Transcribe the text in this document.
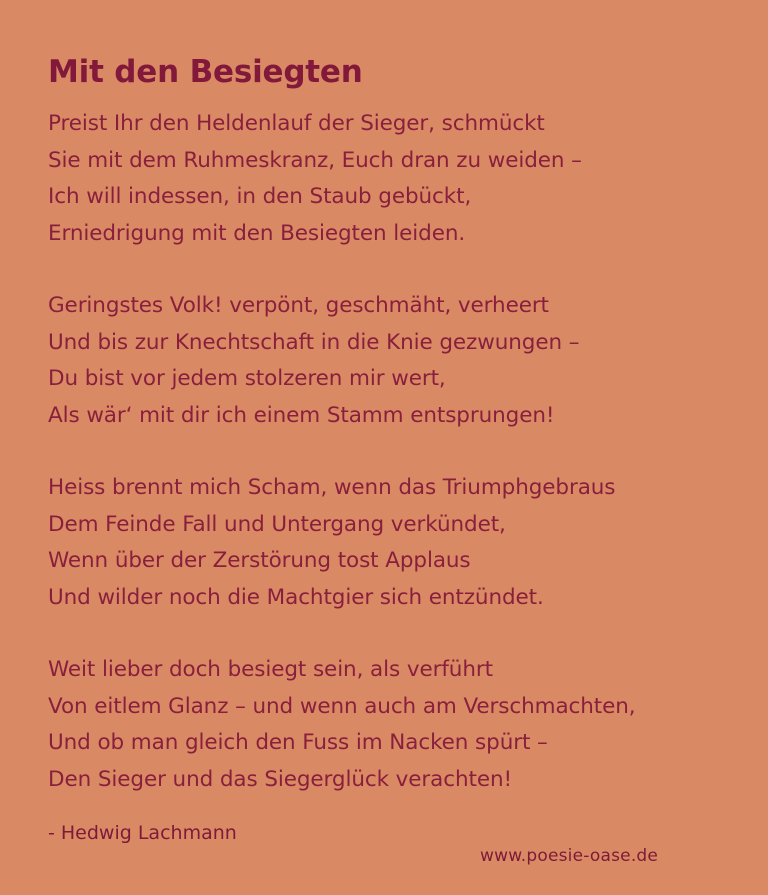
Mit den Besiegten
Preist Ihr den Heldenlauf der Sieger, schmückt
Sie mit dem Ruhmeskranz, Euch dran zu weiden –
Ich will indessen, in den Staub gebückt,
Erniedrigung mit den Besiegten leiden.
Geringstes Volk! verpönt, geschmäht, verheert
Und bis zur Knechtschaft in die Knie gezwungen –
Du bist vor jedem stolzeren mir wert,
Als wär‘ mit dir ich einem Stamm entsprungen!
Heiss brennt mich Scham, wenn das Triumphgebraus
Dem Feinde Fall und Untergang verkündet,
Wenn über der Zerstörung tost Applaus
Und wilder noch die Machtgier sich entzündet.
Weit lieber doch besiegt sein, als verführt
Von eitlem Glanz – und wenn auch am Verschmachten,
Und ob man gleich den Fuss im Nacken spürt –
Den Sieger und das Siegerglück verachten!
- Hedwig Lachmann
www.poesie-oase.de
